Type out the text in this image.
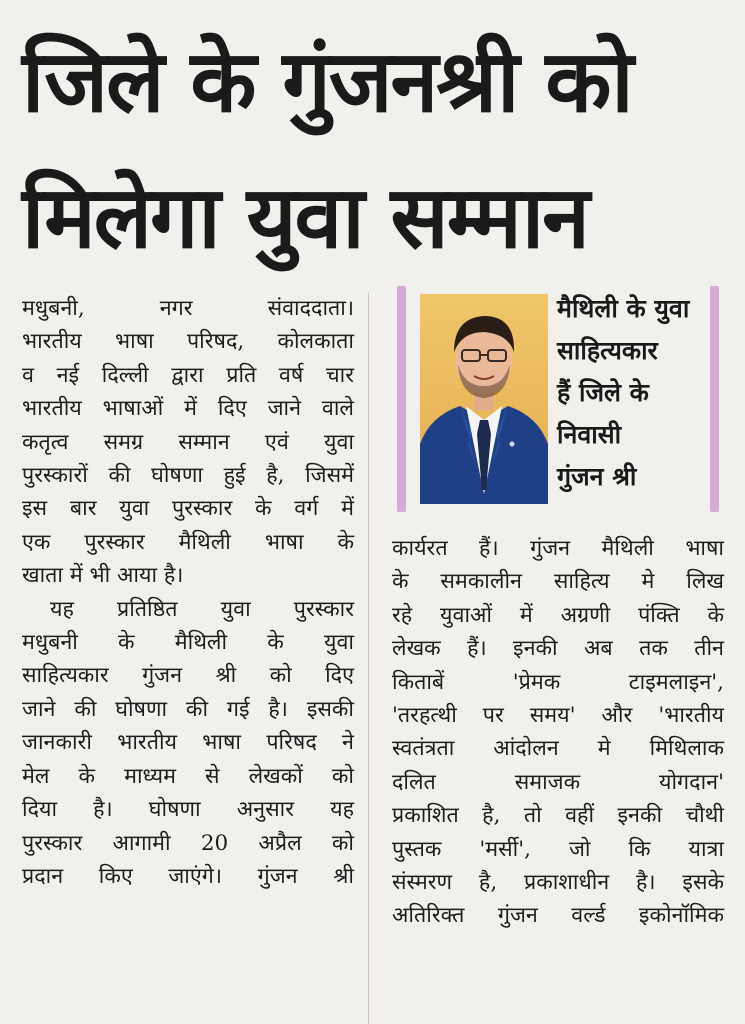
जिले के गुंजनश्री को
मिलेगा युवा सम्मान
मैथिली के युवा
साहित्यकार
हैं जिले के
निवासी
गुंजन श्री
मधुबनी, नगर संवाददाता।
भारतीय भाषा परिषद, कोलकाता
व नई दिल्ली द्वारा प्रति वर्ष चार
भारतीय भाषाओं में दिए जाने वाले
कतृत्व समग्र सम्मान एवं युवा
पुरस्कारों की घोषणा हुई है, जिसमें
इस बार युवा पुरस्कार के वर्ग में
एक पुरस्कार मैथिली भाषा के
खाता में भी आया है।
यह प्रतिष्ठित युवा पुरस्कार
मधुबनी के मैथिली के युवा
साहित्यकार गुंजन श्री को दिए
जाने की घोषणा की गई है। इसकी
जानकारी भारतीय भाषा परिषद ने
मेल के माध्यम से लेखकों को
दिया है। घोषणा अनुसार यह
पुरस्कार आगामी 20 अप्रैल को
प्रदान किए जाएंगे। गुंजन श्री
कार्यरत हैं। गुंजन मैथिली भाषा
के समकालीन साहित्य मे लिख
रहे युवाओं में अग्रणी पंक्ति के
लेखक हैं। इनकी अब तक तीन
किताबें 'प्रेमक टाइमलाइन',
'तरहत्थी पर समय' और 'भारतीय
स्वतंत्रता आंदोलन मे मिथिलाक
दलित समाजक योगदान'
प्रकाशित है, तो वहीं इनकी चौथी
पुस्तक 'मर्सी', जो कि यात्रा
संस्मरण है, प्रकाशाधीन है। इसके
अतिरिक्त गुंजन वर्ल्ड इकोनॉमिक
